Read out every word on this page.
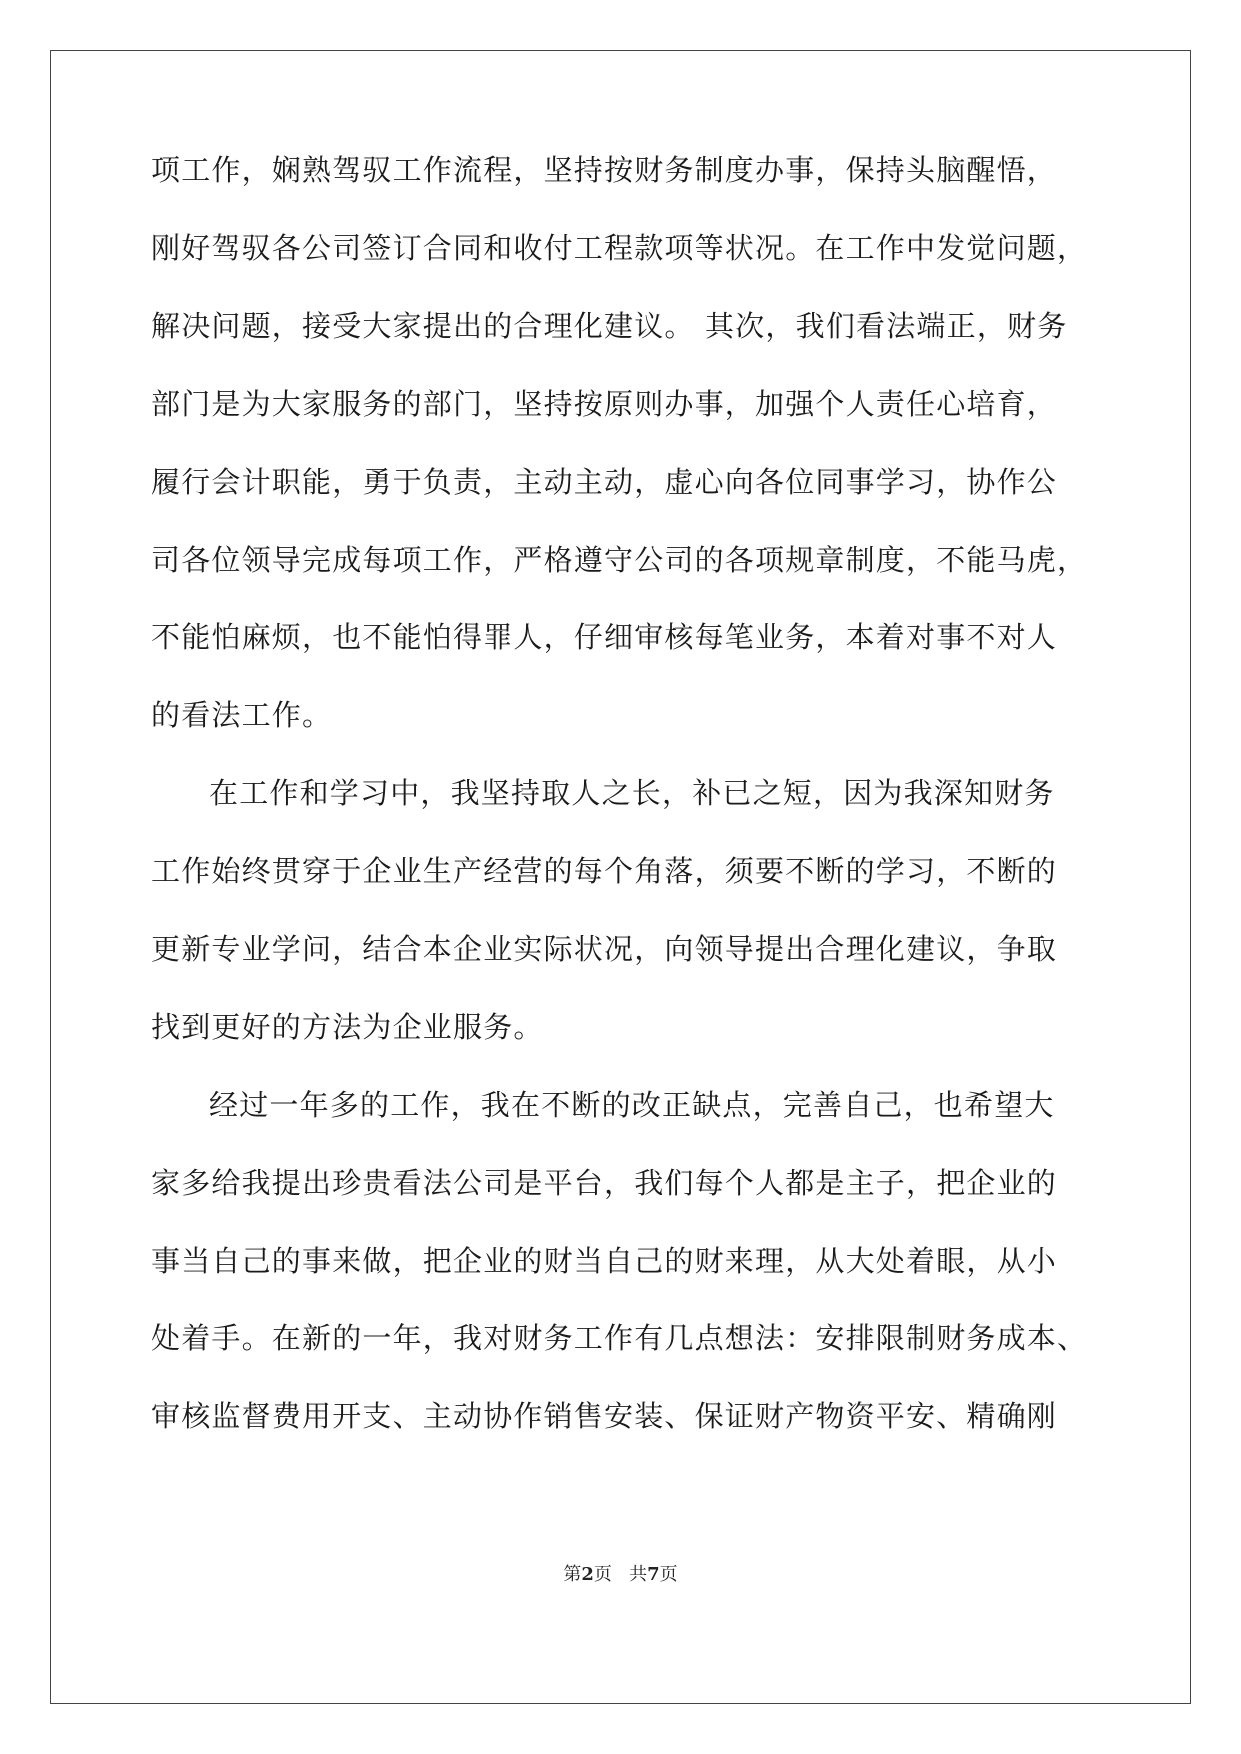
项工作，娴熟驾驭工作流程，坚持按财务制度办事，保持头脑醒悟，
刚好驾驭各公司签订合同和收付工程款项等状况。在工作中发觉问题，
解决问题，接受大家提出的合理化建议。 其次，我们看法端正，财务
部门是为大家服务的部门，坚持按原则办事，加强个人责任心培育，
履行会计职能，勇于负责，主动主动，虚心向各位同事学习，协作公
司各位领导完成每项工作，严格遵守公司的各项规章制度，不能马虎，
不能怕麻烦，也不能怕得罪人，仔细审核每笔业务，本着对事不对人
的看法工作。
在工作和学习中，我坚持取人之长，补已之短，因为我深知财务
工作始终贯穿于企业生产经营的每个角落，须要不断的学习，不断的
更新专业学问，结合本企业实际状况，向领导提出合理化建议，争取
找到更好的方法为企业服务。
经过一年多的工作，我在不断的改正缺点，完善自己，也希望大
家多给我提出珍贵看法公司是平台，我们每个人都是主子，把企业的
事当自己的事来做，把企业的财当自己的财来理，从大处着眼，从小
处着手。在新的一年，我对财务工作有几点想法：安排限制财务成本、
审核监督费用开支、主动协作销售安装、保证财产物资平安、精确刚
第2页   共7页
